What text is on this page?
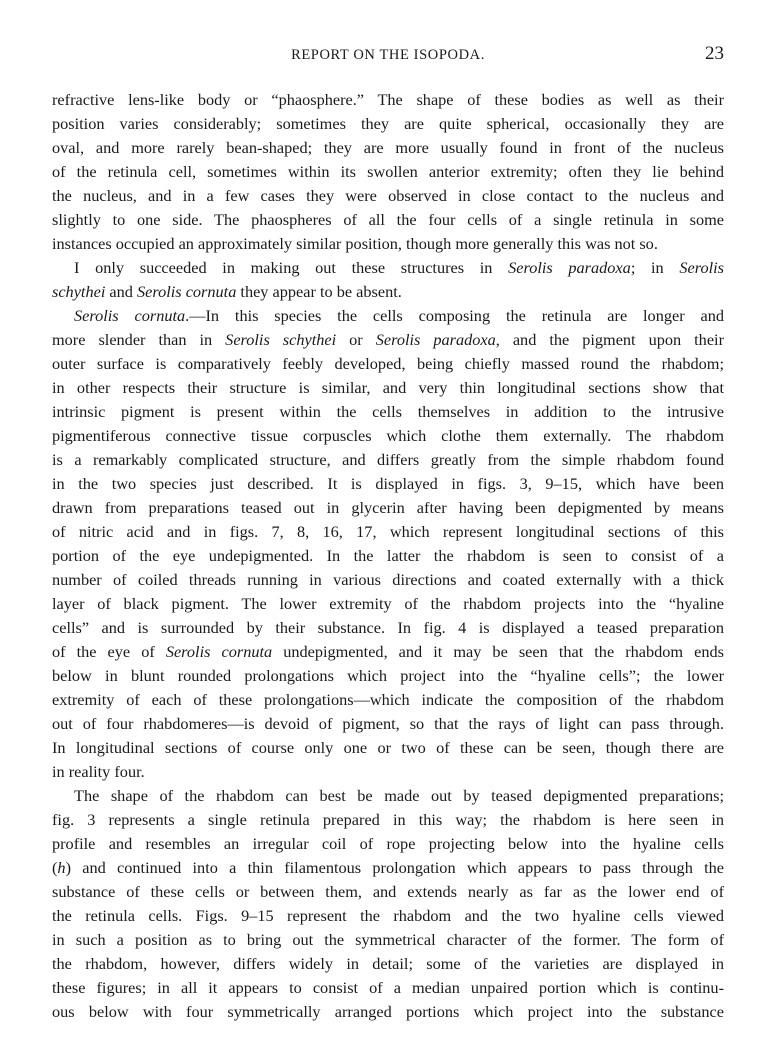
REPORT ON THE ISOPODA.	23
refractive lens-like body or “phaosphere.” The shape of these bodies as well as their
position varies considerably; sometimes they are quite spherical, occasionally they are
oval, and more rarely bean-shaped; they are more usually found in front of the nucleus
of the retinula cell, sometimes within its swollen anterior extremity; often they lie behind
the nucleus, and in a few cases they were observed in close contact to the nucleus and
slightly to one side. The phaospheres of all the four cells of a single retinula in some
instances occupied an approximately similar position, though more generally this was not so.
I only succeeded in making out these structures in Serolis paradoxa; in Serolis
schythei and Serolis cornuta they appear to be absent.
Serolis cornuta.—In this species the cells composing the retinula are longer and
more slender than in Serolis schythei or Serolis paradoxa, and the pigment upon their
outer surface is comparatively feebly developed, being chiefly massed round the rhabdom;
in other respects their structure is similar, and very thin longitudinal sections show that
intrinsic pigment is present within the cells themselves in addition to the intrusive
pigmentiferous connective tissue corpuscles which clothe them externally. The rhabdom
is a remarkably complicated structure, and differs greatly from the simple rhabdom found
in the two species just described. It is displayed in figs. 3, 9–15, which have been
drawn from preparations teased out in glycerin after having been depigmented by means
of nitric acid and in figs. 7, 8, 16, 17, which represent longitudinal sections of this
portion of the eye undepigmented. In the latter the rhabdom is seen to consist of a
number of coiled threads running in various directions and coated externally with a thick
layer of black pigment. The lower extremity of the rhabdom projects into the “hyaline
cells” and is surrounded by their substance. In fig. 4 is displayed a teased preparation
of the eye of Serolis cornuta undepigmented, and it may be seen that the rhabdom ends
below in blunt rounded prolongations which project into the “hyaline cells”; the lower
extremity of each of these prolongations—which indicate the composition of the rhabdom
out of four rhabdomeres—is devoid of pigment, so that the rays of light can pass through.
In longitudinal sections of course only one or two of these can be seen, though there are
in reality four.
The shape of the rhabdom can best be made out by teased depigmented preparations;
fig. 3 represents a single retinula prepared in this way; the rhabdom is here seen in
profile and resembles an irregular coil of rope projecting below into the hyaline cells
(h) and continued into a thin filamentous prolongation which appears to pass through the
substance of these cells or between them, and extends nearly as far as the lower end of
the retinula cells. Figs. 9–15 represent the rhabdom and the two hyaline cells viewed
in such a position as to bring out the symmetrical character of the former. The form of
the rhabdom, however, differs widely in detail; some of the varieties are displayed in
these figures; in all it appears to consist of a median unpaired portion which is continu-
ous below with four symmetrically arranged portions which project into the substance
